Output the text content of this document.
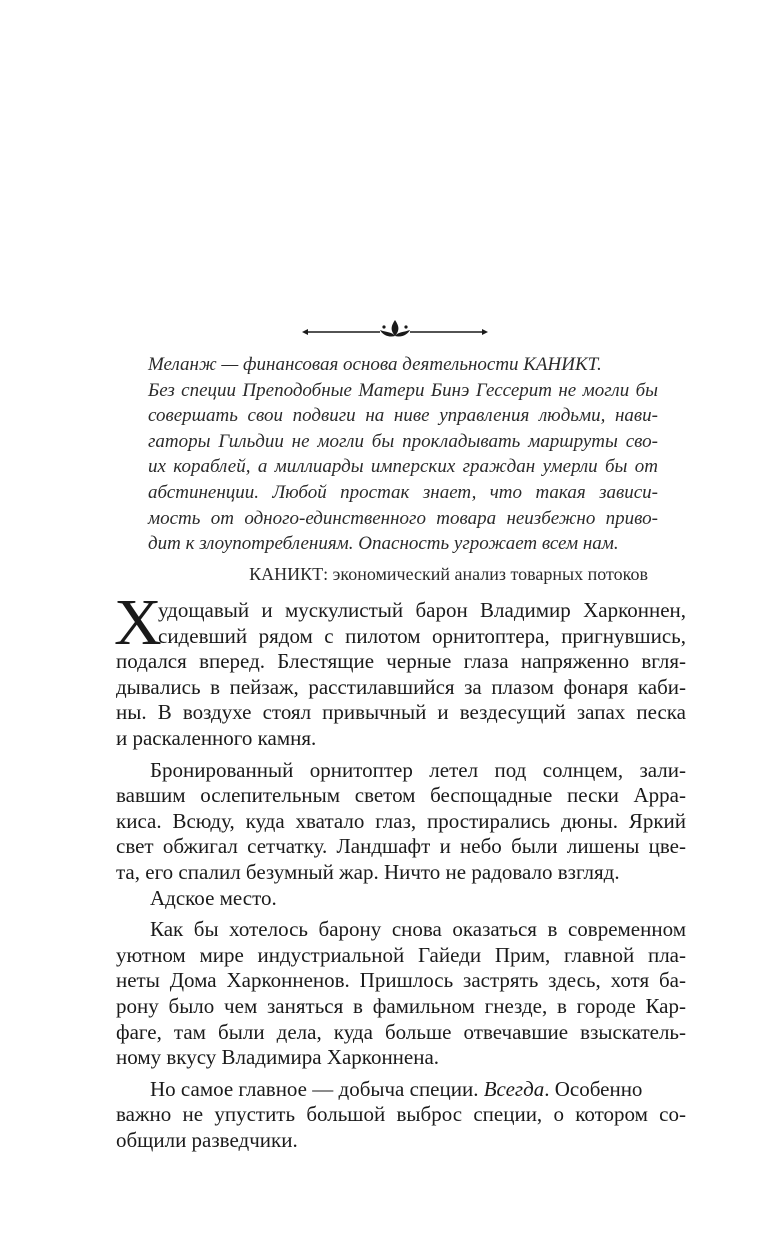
Меланж — финансовая основа деятельности КАНИКТ.
Без специи Преподобные Матери Бинэ Гессерит не могли бы
совершать свои подвиги на ниве управления людьми, нави-
гаторы Гильдии не могли бы прокладывать маршруты сво-
их кораблей, а миллиарды имперских граждан умерли бы от
абстиненции. Любой простак знает, что такая зависи-
мость от одного-единственного товара неизбежно приво-
дит к злоупотреблениям. Опасность угрожает всем нам.
КАНИКТ: экономический анализ товарных потоков
Х
удощавый и мускулистый барон Владимир Харконнен,
сидевший рядом с пилотом орнитоптера, пригнувшись,
подался вперед. Блестящие черные глаза напряженно вгля-
дывались в пейзаж, расстилавшийся за плазом фонаря каби-
ны. В воздухе стоял привычный и вездесущий запах песка
и раскаленного камня.
Бронированный орнитоптер летел под солнцем, зали-
вавшим ослепительным светом беспощадные пески Арра-
киса. Всюду, куда хватало глаз, простирались дюны. Яркий
свет обжигал сетчатку. Ландшафт и небо были лишены цве-
та, его спалил безумный жар. Ничто не радовало взгляд.
Адское место.
Как бы хотелось барону снова оказаться в современном
уютном мире индустриальной Гайеди Прим, главной пла-
неты Дома Харконненов. Пришлось застрять здесь, хотя ба-
рону было чем заняться в фамильном гнезде, в городе Кар-
фаге, там были дела, куда больше отвечавшие взыскатель-
ному вкусу Владимира Харконнена.
Но самое главное — добыча специи. Всегда. Особенно
важно не упустить большой выброс специи, о котором со-
общили разведчики.
